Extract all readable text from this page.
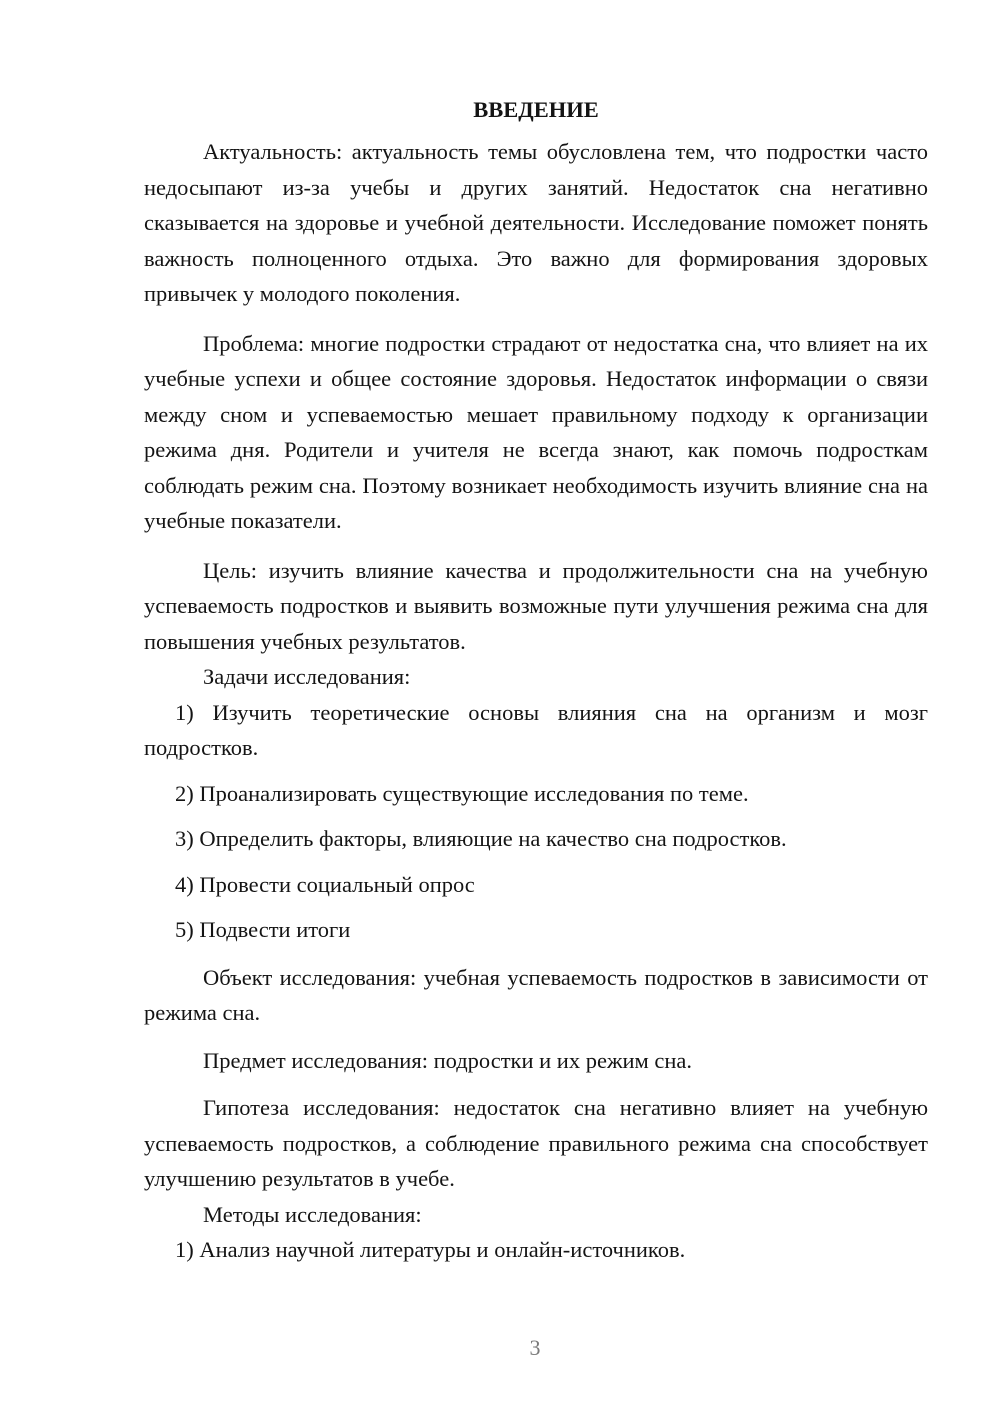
ВВЕДЕНИЕ

Актуальность: актуальность темы обусловлена тем, что подростки часто недосыпают из-за учебы и других занятий. Недостаток сна негативно сказывается на здоровье и учебной деятельности. Исследование поможет понять важность полноценного отдыха. Это важно для формирования здоровых привычек у молодого поколения.

Проблема: многие подростки страдают от недостатка сна, что влияет на их учебные успехи и общее состояние здоровья. Недостаток информации о связи между сном и успеваемостью мешает правильному подходу к организации режима дня. Родители и учителя не всегда знают, как помочь подросткам соблюдать режим сна. Поэтому возникает необходимость изучить влияние сна на учебные показатели.

Цель: изучить влияние качества и продолжительности сна на учебную успеваемость подростков и выявить возможные пути улучшения режима сна для повышения учебных результатов.

Задачи исследования:

1) Изучить теоретические основы влияния сна на организм и мозг подростков.

2) Проанализировать существующие исследования по теме.

3) Определить факторы, влияющие на качество сна подростков.

4) Провести социальный опрос

5) Подвести итоги

Объект исследования: учебная успеваемость подростков в зависимости от режима сна.

Предмет исследования: подростки и их режим сна.

Гипотеза исследования: недостаток сна негативно влияет на учебную успеваемость подростков, а соблюдение правильного режима сна способствует улучшению результатов в учебе.

Методы исследования:

1) Анализ научной литературы и онлайн-источников.

3
